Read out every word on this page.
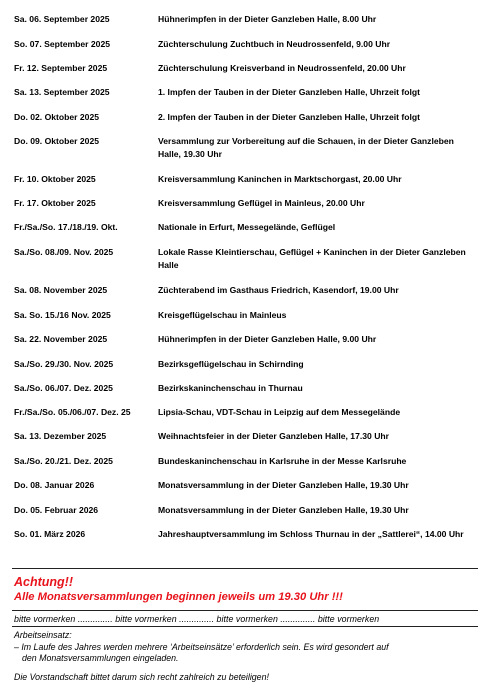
Sa. 06. September 2025	Hühnerimpfen in der Dieter Ganzleben Halle, 8.00 Uhr
So. 07. September 2025	Züchterschulung Zuchtbuch in Neudrossenfeld, 9.00 Uhr
Fr. 12. September 2025	Züchterschulung Kreisverband in Neudrossenfeld, 20.00 Uhr
Sa. 13. September 2025	1. Impfen der Tauben in der Dieter Ganzleben Halle, Uhrzeit folgt
Do. 02. Oktober 2025	2. Impfen der Tauben in der Dieter Ganzleben Halle, Uhrzeit folgt
Do. 09. Oktober 2025	Versammlung zur Vorbereitung auf die Schauen, in der Dieter Ganzleben Halle, 19.30 Uhr
Fr. 10. Oktober 2025	Kreisversammlung Kaninchen in Marktschorgast, 20.00 Uhr
Fr. 17. Oktober 2025	Kreisversammlung Geflügel in Mainleus, 20.00 Uhr
Fr./Sa./So. 17./18./19. Okt.	Nationale in Erfurt, Messegelände, Geflügel
Sa./So. 08./09. Nov. 2025	Lokale Rasse Kleintierschau, Geflügel + Kaninchen in der Dieter Ganzleben Halle
Sa. 08. November 2025	Züchterabend im Gasthaus Friedrich, Kasendorf, 19.00 Uhr
Sa. So. 15./16 Nov. 2025	Kreisgeflügelschau in Mainleus
Sa. 22. November 2025	Hühnerimpfen in der Dieter Ganzleben Halle, 9.00 Uhr
Sa./So. 29./30. Nov. 2025	Bezirksgeflügelschau in Schirnding
Sa./So. 06./07. Dez. 2025	Bezirkskaninchenschau in Thurnau
Fr./Sa./So. 05./06./07. Dez. 25	Lipsia-Schau, VDT-Schau in Leipzig auf dem Messegelände
Sa. 13. Dezember 2025	Weihnachtsfeier in der Dieter Ganzleben Halle, 17.30 Uhr
Sa./So. 20./21. Dez. 2025	Bundeskaninchenschau in Karlsruhe in der Messe Karlsruhe
Do. 08. Januar 2026	Monatsversammlung in der Dieter Ganzleben Halle, 19.30 Uhr
Do. 05. Februar 2026	Monatsversammlung in der Dieter Ganzleben Halle, 19.30 Uhr
So. 01. März 2026	Jahreshauptversammlung im Schloss Thurnau in der „Sattlerei“, 14.00 Uhr
Achtung!!
Alle Monatsversammlungen beginnen jeweils um 19.30 Uhr !!!
bitte vormerken .............. bitte vormerken .............. bitte vormerken .............. bitte vormerken
Arbeitseinsatz:
– Im Laufe des Jahres werden mehrere ‘Arbeitseinsätze’ erforderlich sein. Es wird gesondert auf
den Monatsversammlungen eingeladen.
Die Vorstandschaft bittet darum sich recht zahlreich zu beteiligen!
